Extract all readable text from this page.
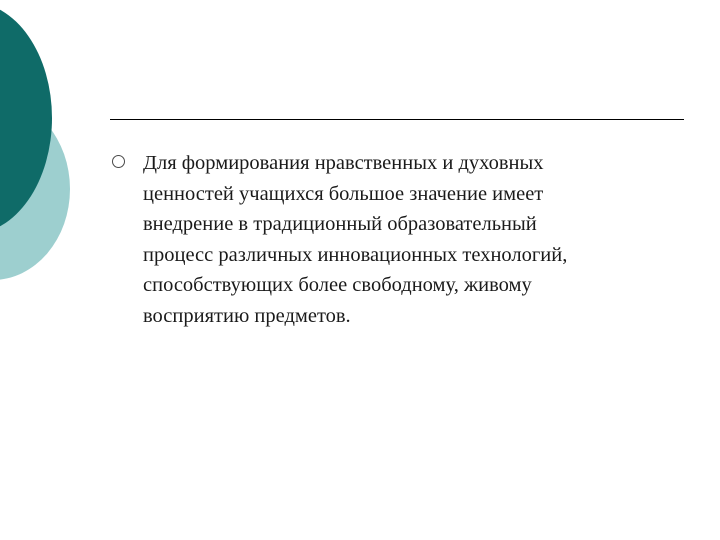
Для формирования нравственных и духовных
ценностей учащихся большое значение имеет
внедрение в традиционный образовательный
процесс различных инновационных технологий,
способствующих более свободному, живому
восприятию предметов.
